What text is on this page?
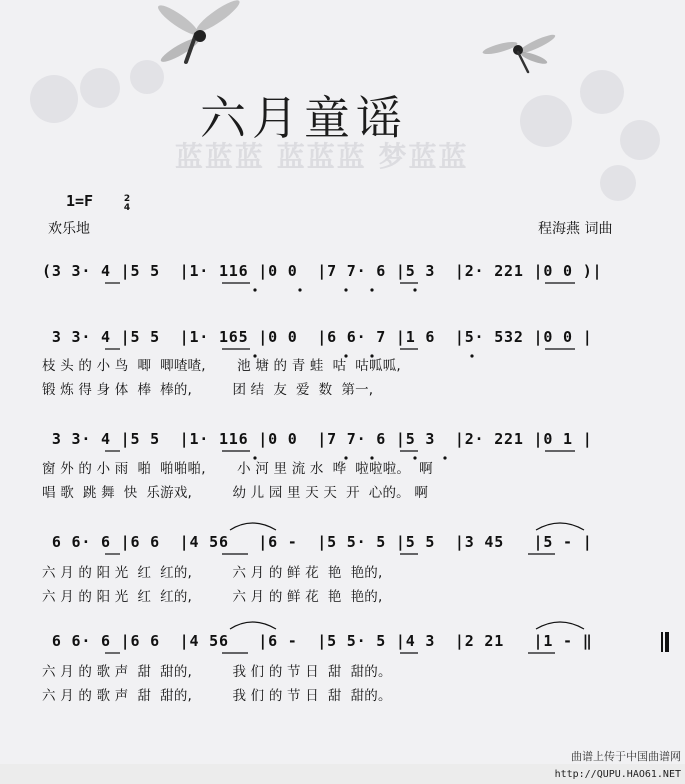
蓝蓝蓝 蓝蓝蓝 梦蓝蓝
六月童谣
1=F	2
4
欢乐地	程海燕 词曲
(3 3· 4 |5 5  |1· 116 |0 0  |7 7· 6 |5 3  |2· 221 |0 0 )|
3 3· 4 |5 5  |1· 165 |0 0  |6 6· 7 |1 6  |5· 532 |0 0 |
枝 头 的 小 鸟  唧  唧喳喳,       池 塘 的 青 蛙  咕  咕呱呱,
锻 炼 得 身 体  棒  棒的,         团 结  友  爱  数  第一,
3 3· 4 |5 5  |1· 116 |0 0  |7 7· 6 |5 3  |2· 221 |0 1 |
窗 外 的 小 雨  啪  啪啪啪,       小 河 里 流 水  哗  啦啦啦。  啊
唱 歌  跳 舞  快  乐游戏,         幼 儿 园 里 天 天  开  心的。 啊
6 6· 6 |6 6  |4 56   |6 -  |5 5· 5 |5 5  |3 45   |5 - |
六 月 的 阳 光  红  红的,         六 月 的 鲜 花  艳  艳的,
六 月 的 阳 光  红  红的,         六 月 的 鲜 花  艳  艳的,
6 6· 6 |6 6  |4 56   |6 -  |5 5· 5 |4 3  |2 21   |1 - ‖
六 月 的 歌 声  甜  甜的,         我 们 的 节 日  甜  甜的。
六 月 的 歌 声  甜  甜的,         我 们 的 节 日  甜  甜的。
曲谱上传于中国曲谱网
http://QUPU.HAO61.NET
